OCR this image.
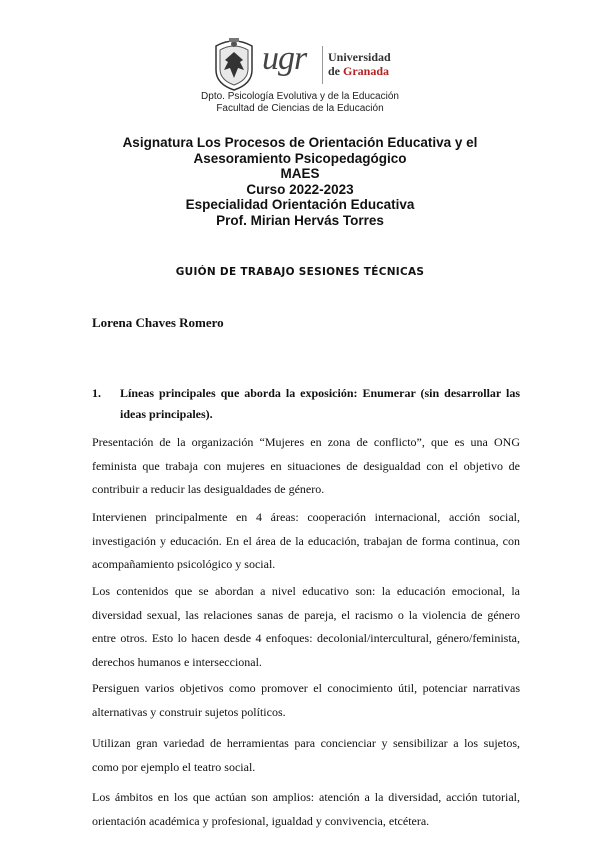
ugr Universidad
de Granada
Dpto. Psicología Evolutiva y de la Educación
Facultad de Ciencias de la Educación
Asignatura Los Procesos de Orientación Educativa y el
Asesoramiento Psicopedagógico
MAES
Curso 2022-2023
Especialidad Orientación Educativa
Prof. Mirian Hervás Torres
GUIÓN DE TRABAJO SESIONES TÉCNICAS
Lorena Chaves Romero
1. Líneas principales que aborda la exposición: Enumerar (sin desarrollar las ideas principales).
Presentación de la organización “Mujeres en zona de conflicto”, que es una ONG feminista que trabaja con mujeres en situaciones de desigualdad con el objetivo de contribuir a reducir las desigualdades de género.
Intervienen principalmente en 4 áreas: cooperación internacional, acción social, investigación y educación. En el área de la educación, trabajan de forma continua, con acompañamiento psicológico y social.
Los contenidos que se abordan a nivel educativo son: la educación emocional, la diversidad sexual, las relaciones sanas de pareja, el racismo o la violencia de género entre otros. Esto lo hacen desde 4 enfoques: decolonial/intercultural, género/feminista, derechos humanos e interseccional.
Persiguen varios objetivos como promover el conocimiento útil, potenciar narrativas alternativas y construir sujetos políticos.
Utilizan gran variedad de herramientas para concienciar y sensibilizar a los sujetos, como por ejemplo el teatro social.
Los ámbitos en los que actúan son amplios: atención a la diversidad, acción tutorial, orientación académica y profesional, igualdad y convivencia, etcétera.
